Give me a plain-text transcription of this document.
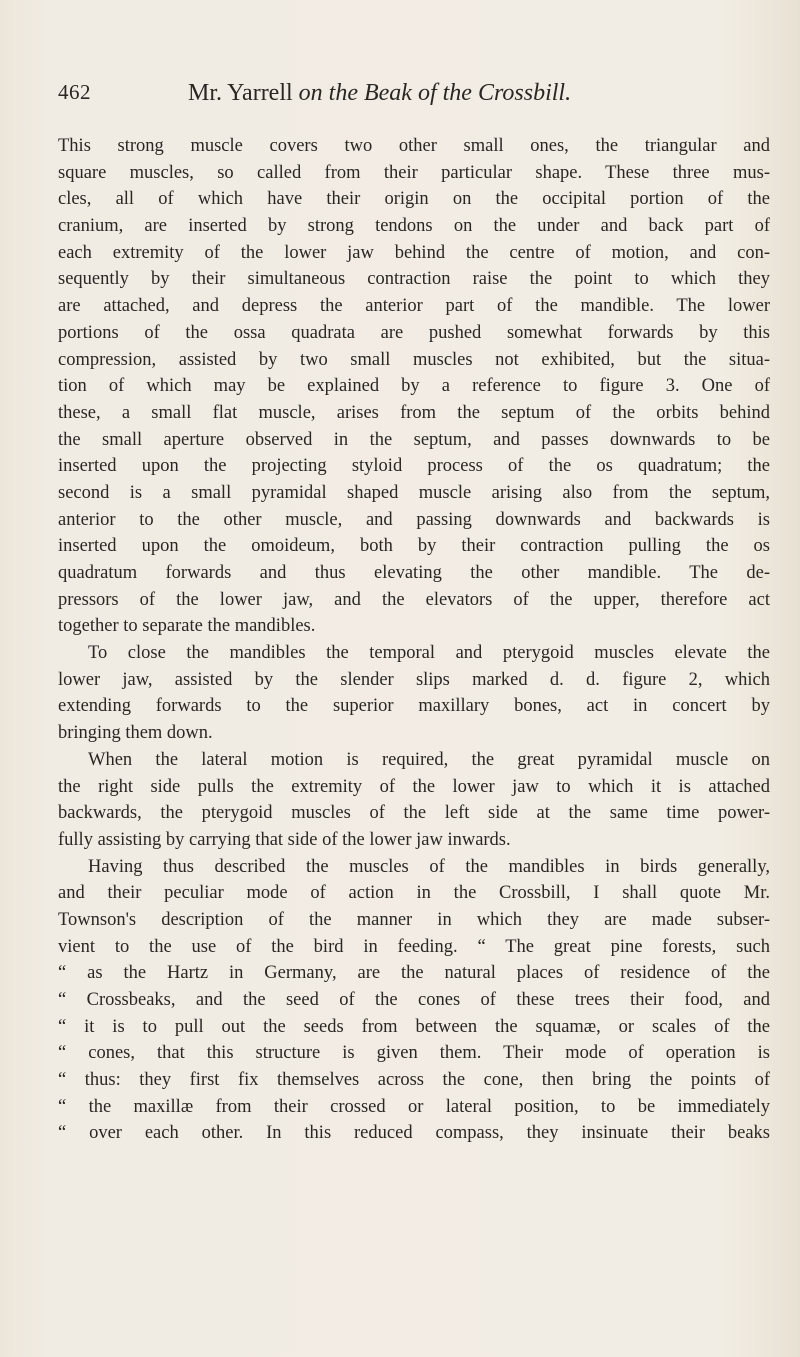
462	Mr. Yarrell on the Beak of the Crossbill.
This strong muscle covers two other small ones, the triangular and
square muscles, so called from their particular shape. These three mus-
cles, all of which have their origin on the occipital portion of the
cranium, are inserted by strong tendons on the under and back part of
each extremity of the lower jaw behind the centre of motion, and con-
sequently by their simultaneous contraction raise the point to which they
are attached, and depress the anterior part of the mandible. The lower
portions of the ossa quadrata are pushed somewhat forwards by this
compression, assisted by two small muscles not exhibited, but the situa-
tion of which may be explained by a reference to figure 3. One of
these, a small flat muscle, arises from the septum of the orbits behind
the small aperture observed in the septum, and passes downwards to be
inserted upon the projecting styloid process of the os quadratum; the
second is a small pyramidal shaped muscle arising also from the septum,
anterior to the other muscle, and passing downwards and backwards is
inserted upon the omoideum, both by their contraction pulling the os
quadratum forwards and thus elevating the other mandible. The de-
pressors of the lower jaw, and the elevators of the upper, therefore act
together to separate the mandibles.
To close the mandibles the temporal and pterygoid muscles elevate the
lower jaw, assisted by the slender slips marked d. d. figure 2, which
extending forwards to the superior maxillary bones, act in concert by
bringing them down.
When the lateral motion is required, the great pyramidal muscle on
the right side pulls the extremity of the lower jaw to which it is attached
backwards, the pterygoid muscles of the left side at the same time power-
fully assisting by carrying that side of the lower jaw inwards.
Having thus described the muscles of the mandibles in birds generally,
and their peculiar mode of action in the Crossbill, I shall quote Mr.
Townson's description of the manner in which they are made subser-
vient to the use of the bird in feeding. “ The great pine forests, such
“ as the Hartz in Germany, are the natural places of residence of the
“ Crossbeaks, and the seed of the cones of these trees their food, and
“ it is to pull out the seeds from between the squamæ, or scales of the
“ cones, that this structure is given them. Their mode of operation is
“ thus: they first fix themselves across the cone, then bring the points of
“ the maxillæ from their crossed or lateral position, to be immediately
“ over each other. In this reduced compass, they insinuate their beaks
